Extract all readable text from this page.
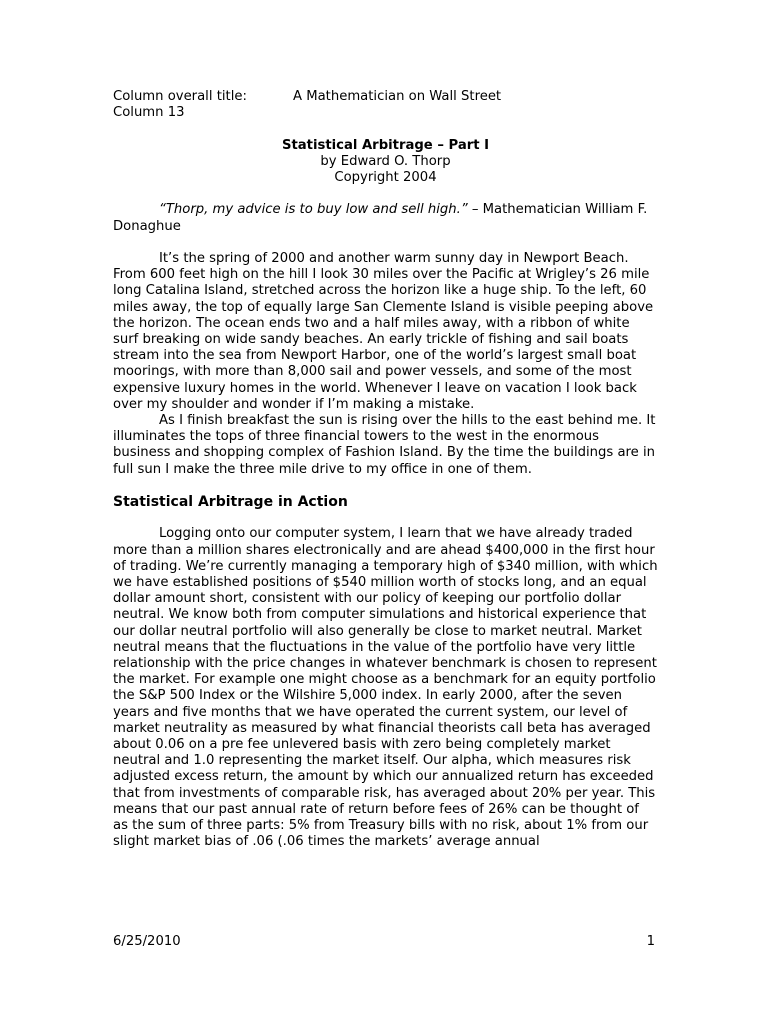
Column overall title:	A Mathematician on Wall Street
Column 13
Statistical Arbitrage – Part I
by Edward O. Thorp
Copyright 2004

“Thorp, my advice is to buy low and sell high.” – Mathematician William F. Donaghue

It’s the spring of 2000 and another warm sunny day in Newport Beach. From 600 feet high on the hill I look 30 miles over the Pacific at Wrigley’s 26 mile long Catalina Island, stretched across the horizon like a huge ship. To the left, 60 miles away, the top of equally large San Clemente Island is visible peeping above the horizon. The ocean ends two and a half miles away, with a ribbon of white surf breaking on wide sandy beaches. An early trickle of fishing and sail boats stream into the sea from Newport Harbor, one of the world’s largest small boat moorings, with more than 8,000 sail and power vessels, and some of the most expensive luxury homes in the world. Whenever I leave on vacation I look back over my shoulder and wonder if I’m making a mistake.

As I finish breakfast the sun is rising over the hills to the east behind me. It illuminates the tops of three financial towers to the west in the enormous business and shopping complex of Fashion Island. By the time the buildings are in full sun I make the three mile drive to my office in one of them.

Statistical Arbitrage in Action

Logging onto our computer system, I learn that we have already traded more than a million shares electronically and are ahead $400,000 in the first hour of trading. We’re currently managing a temporary high of $340 million, with which we have established positions of $540 million worth of stocks long, and an equal dollar amount short, consistent with our policy of keeping our portfolio dollar neutral. We know both from computer simulations and historical experience that our dollar neutral portfolio will also generally be close to market neutral. Market neutral means that the fluctuations in the value of the portfolio have very little relationship with the price changes in whatever benchmark is chosen to represent the market. For example one might choose as a benchmark for an equity portfolio the S&P 500 Index or the Wilshire 5,000 index. In early 2000, after the seven years and five months that we have operated the current system, our level of market neutrality as measured by what financial theorists call beta has averaged about 0.06 on a pre fee unlevered basis with zero being completely market neutral and 1.0 representing the market itself. Our alpha, which measures risk adjusted excess return, the amount by which our annualized return has exceeded that from investments of comparable risk, has averaged about 20% per year. This means that our past annual rate of return before fees of 26% can be thought of as the sum of three parts: 5% from Treasury bills with no risk, about 1% from our slight market bias of .06 (.06 times the markets’ average annual

6/25/2010	1
